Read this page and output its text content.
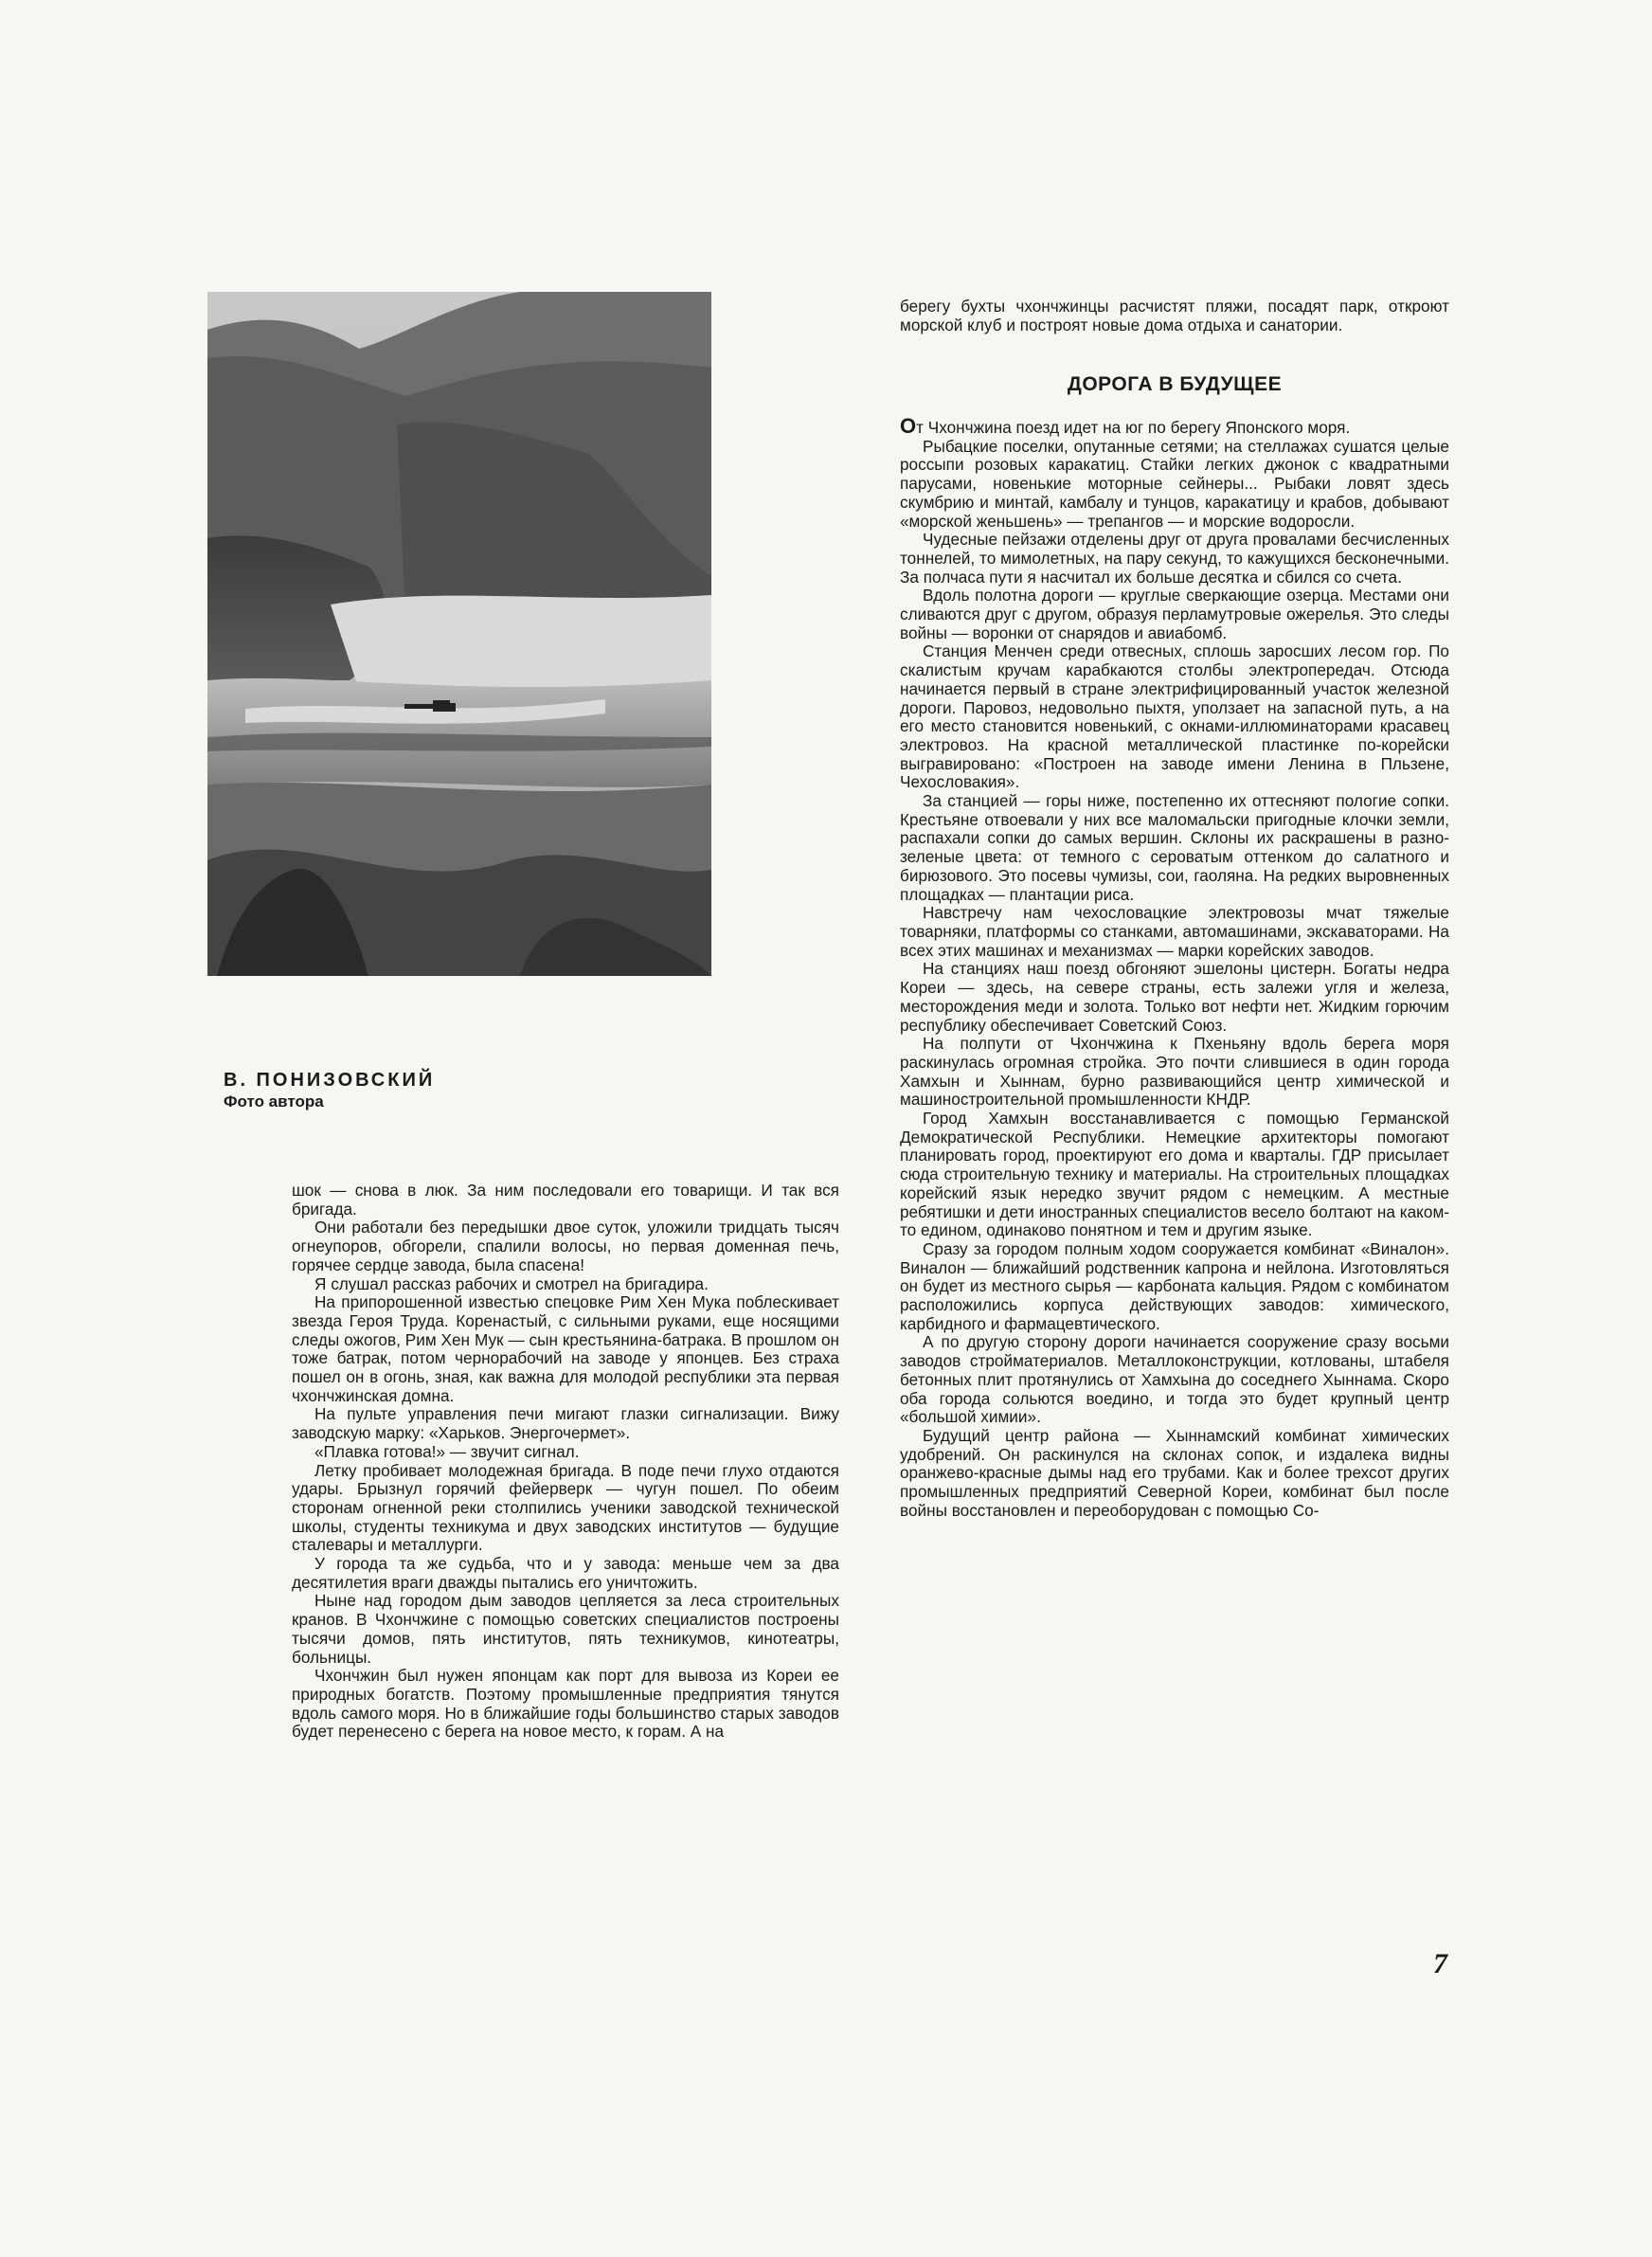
В. ПОНИЗОВСКИЙ

Фото автора

шок — снова в люк. За ним последовали его товарищи. И так вся бригада.

Они работали без передышки двое суток, уложили тридцать тысяч огнеупоров, обгорели, спалили волосы, но первая доменная печь, горячее сердце завода, была спасена!

Я слушал рассказ рабочих и смотрел на бригадира.

На припорошенной известью спецовке Рим Хен Мука поблескивает звезда Героя Труда. Коренастый, с сильными руками, еще носящими следы ожогов, Рим Хен Мук — сын крестьянина-батрака. В прошлом он тоже батрак, потом чернорабочий на заводе у японцев. Без страха пошел он в огонь, зная, как важна для молодой республики эта первая чхончжинская домна.

На пульте управления печи мигают глазки сигнализации. Вижу заводскую марку: «Харьков. Энергочермет».

«Плавка готова!» — звучит сигнал.

Летку пробивает молодежная бригада. В поде печи глухо отдаются удары. Брызнул горячий фейерверк — чугун пошел. По обеим сторонам огненной реки столпились ученики заводской технической школы, студенты техникума и двух заводских институтов — будущие сталевары и металлурги.

У города та же судьба, что и у завода: меньше чем за два десятилетия враги дважды пытались его уничтожить.

Ныне над городом дым заводов цепляется за леса строительных кранов. В Чхончжине с помощью советских специалистов построены тысячи домов, пять институтов, пять техникумов, кинотеатры, больницы.

Чхончжин был нужен японцам как порт для вывоза из Кореи ее природных богатств. Поэтому промышленные предприятия тянутся вдоль самого моря. Но в ближайшие годы большинство старых заводов будет перенесено с берега на новое место, к горам. А на

берегу бухты чхончжинцы расчистят пляжи, посадят парк, откроют морской клуб и построят новые дома отдыха и санатории.

ДОРОГА В БУДУЩЕЕ

От Чхончжина поезд идет на юг по берегу Японского моря.

Рыбацкие поселки, опутанные сетями; на стеллажах сушатся целые россыпи розовых каракатиц. Стайки легких джонок с квадратными парусами, новенькие моторные сейнеры... Рыбаки ловят здесь скумбрию и минтай, камбалу и тунцов, каракатицу и крабов, добывают «морской женьшень» — трепангов — и морские водоросли.

Чудесные пейзажи отделены друг от друга провалами бесчисленных тоннелей, то мимолетных, на пару секунд, то кажущихся бесконечными. За полчаса пути я насчитал их больше десятка и сбился со счета.

Вдоль полотна дороги — круглые сверкающие озерца. Местами они сливаются друг с другом, образуя перламутровые ожерелья. Это следы войны — воронки от снарядов и авиабомб.

Станция Менчен среди отвесных, сплошь заросших лесом гор. По скалистым кручам карабкаются столбы электропередач. Отсюда начинается первый в стране электрифицированный участок железной дороги. Паровоз, недовольно пыхтя, уползает на запасной путь, а на его место становится новенький, с окнами-иллюминаторами красавец электровоз. На красной металлической пластинке по-корейски выгравировано: «Построен на заводе имени Ленина в Пльзене, Чехословакия».

За станцией — горы ниже, постепенно их оттесняют пологие сопки. Крестьяне отвоевали у них все маломальски пригодные клочки земли, распахали сопки до самых вершин. Склоны их раскрашены в разно-зеленые цвета: от темного с сероватым оттенком до салатного и бирюзового. Это посевы чумизы, сои, гаоляна. На редких выровненных площадках — плантации риса.

Навстречу нам чехословацкие электровозы мчат тяжелые товарняки, платформы со станками, автомашинами, экскаваторами. На всех этих машинах и механизмах — марки корейских заводов.

На станциях наш поезд обгоняют эшелоны цистерн. Богаты недра Кореи — здесь, на севере страны, есть залежи угля и железа, месторождения меди и золота. Только вот нефти нет. Жидким горючим республику обеспечивает Советский Союз.

На полпути от Чхончжина к Пхеньяну вдоль берега моря раскинулась огромная стройка. Это почти слившиеся в один города Хамхын и Хыннам, бурно развивающийся центр химической и машиностроительной промышленности КНДР.

Город Хамхын восстанавливается с помощью Германской Демократической Республики. Немецкие архитекторы помогают планировать город, проектируют его дома и кварталы. ГДР присылает сюда строительную технику и материалы. На строительных площадках корейский язык нередко звучит рядом с немецким. А местные ребятишки и дети иностранных специалистов весело болтают на каком-то едином, одинаково понятном и тем и другим языке.

Сразу за городом полным ходом сооружается комбинат «Виналон». Виналон — ближайший родственник капрона и нейлона. Изготовляться он будет из местного сырья — карбоната кальция. Рядом с комбинатом расположились корпуса действующих заводов: химического, карбидного и фармацевтического.

А по другую сторону дороги начинается сооружение сразу восьми заводов стройматериалов. Металлоконструкции, котлованы, штабеля бетонных плит протянулись от Хамхына до соседнего Хыннама. Скоро оба города сольются воедино, и тогда это будет крупный центр «большой химии».

Будущий центр района — Хыннамский комбинат химических удобрений. Он раскинулся на склонах сопок, и издалека видны оранжево-красные дымы над его трубами. Как и более трехсот других промышленных предприятий Северной Кореи, комбинат был после войны восстановлен и переоборудован с помощью Со-

7
